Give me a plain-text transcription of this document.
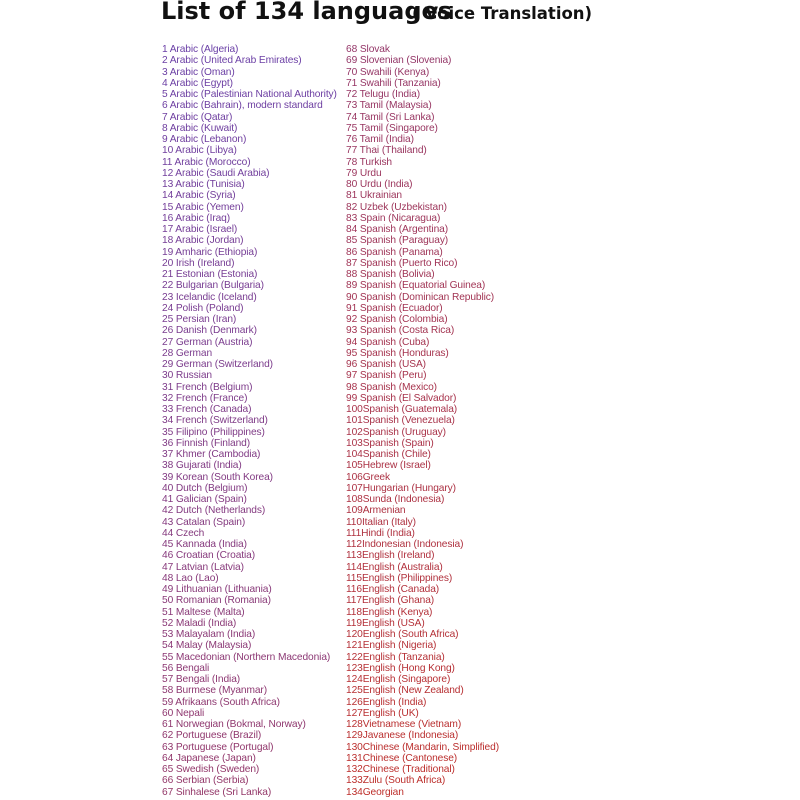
List of 134 languages
( Voice Translation)
1 Arabic (Algeria)
2 Arabic (United Arab Emirates)
3 Arabic (Oman)
4 Arabic (Egypt)
5 Arabic (Palestinian National Authority)
6 Arabic (Bahrain), modern standard
7 Arabic (Qatar)
8 Arabic (Kuwait)
9 Arabic (Lebanon)
10 Arabic (Libya)
11 Arabic (Morocco)
12 Arabic (Saudi Arabia)
13 Arabic (Tunisia)
14 Arabic (Syria)
15 Arabic (Yemen)
16 Arabic (Iraq)
17 Arabic (Israel)
18 Arabic (Jordan)
19 Amharic (Ethiopia)
20 Irish (Ireland)
21 Estonian (Estonia)
22 Bulgarian (Bulgaria)
23 Icelandic (Iceland)
24 Polish (Poland)
25 Persian (Iran)
26 Danish (Denmark)
27 German (Austria)
28 German
29 German (Switzerland)
30 Russian
31 French (Belgium)
32 French (France)
33 French (Canada)
34 French (Switzerland)
35 Filipino (Philippines)
36 Finnish (Finland)
37 Khmer (Cambodia)
38 Gujarati (India)
39 Korean (South Korea)
40 Dutch (Belgium)
41 Galician (Spain)
42 Dutch (Netherlands)
43 Catalan (Spain)
44 Czech
45 Kannada (India)
46 Croatian (Croatia)
47 Latvian (Latvia)
48 Lao (Lao)
49 Lithuanian (Lithuania)
50 Romanian (Romania)
51 Maltese (Malta)
52 Maladi (India)
53 Malayalam (India)
54 Malay (Malaysia)
55 Macedonian (Northern Macedonia)
56 Bengali
57 Bengali (India)
58 Burmese (Myanmar)
59 Afrikaans (South Africa)
60 Nepali
61 Norwegian (Bokmal, Norway)
62 Portuguese (Brazil)
63 Portuguese (Portugal)
64 Japanese (Japan)
65 Swedish (Sweden)
66 Serbian (Serbia)
67 Sinhalese (Sri Lanka)
68 Slovak
69 Slovenian (Slovenia)
70 Swahili (Kenya)
71 Swahili (Tanzania)
72 Telugu (India)
73 Tamil (Malaysia)
74 Tamil (Sri Lanka)
75 Tamil (Singapore)
76 Tamil (India)
77 Thai (Thailand)
78 Turkish
79 Urdu
80 Urdu (India)
81 Ukrainian
82 Uzbek (Uzbekistan)
83 Spain (Nicaragua)
84 Spanish (Argentina)
85 Spanish (Paraguay)
86 Spanish (Panama)
87 Spanish (Puerto Rico)
88 Spanish (Bolivia)
89 Spanish (Equatorial Guinea)
90 Spanish (Dominican Republic)
91 Spanish (Ecuador)
92 Spanish (Colombia)
93 Spanish (Costa Rica)
94 Spanish (Cuba)
95 Spanish (Honduras)
96 Spanish (USA)
97 Spanish (Peru)
98 Spanish (Mexico)
99 Spanish (El Salvador)
100Spanish (Guatemala)
101Spanish (Venezuela)
102Spanish (Uruguay)
103Spanish (Spain)
104Spanish (Chile)
105Hebrew (Israel)
106Greek
107Hungarian (Hungary)
108Sunda (Indonesia)
109Armenian
110Italian (Italy)
111Hindi (India)
112Indonesian (Indonesia)
113English (Ireland)
114English (Australia)
115English (Philippines)
116English (Canada)
117English (Ghana)
118English (Kenya)
119English (USA)
120English (South Africa)
121English (Nigeria)
122English (Tanzania)
123English (Hong Kong)
124English (Singapore)
125English (New Zealand)
126English (India)
127English (UK)
128Vietnamese (Vietnam)
129Javanese (Indonesia)
130Chinese (Mandarin, Simplified)
131Chinese (Cantonese)
132Chinese (Traditional)
133Zulu (South Africa)
134Georgian
